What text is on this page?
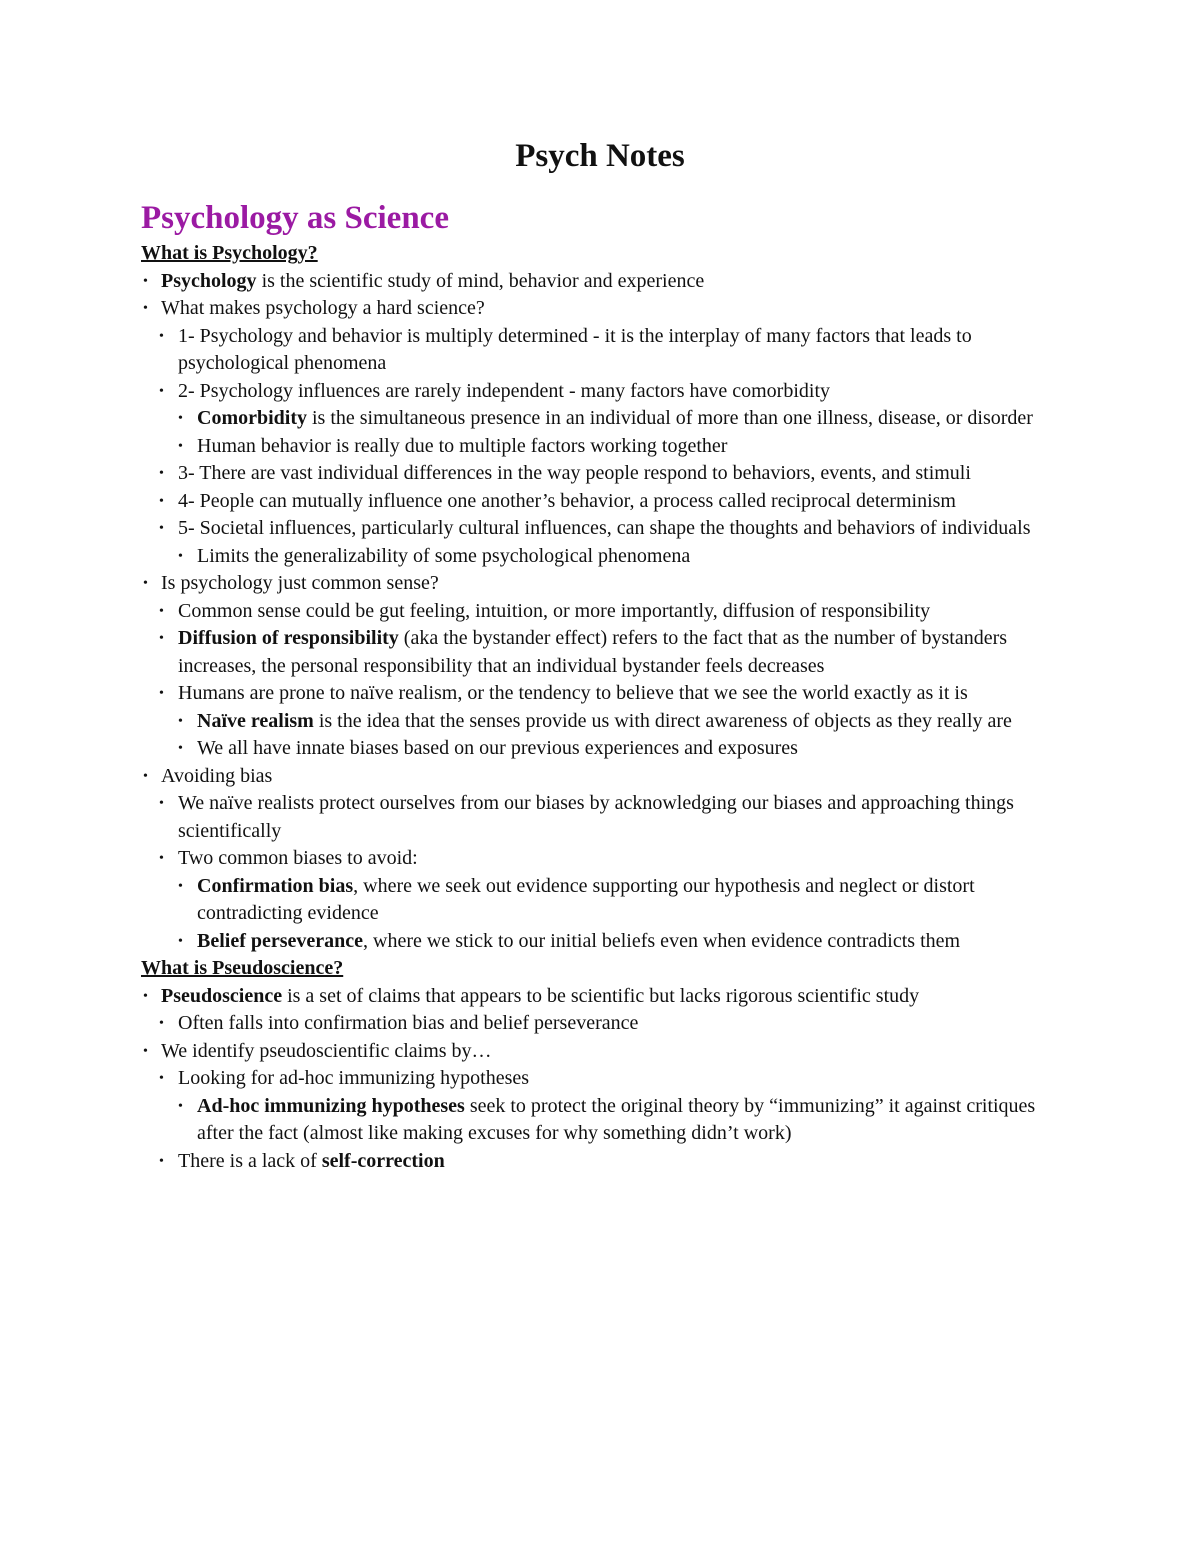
Psych Notes
Psychology as Science
What is Psychology?
• Psychology is the scientific study of mind, behavior and experience
• What makes psychology a hard science?
• 1- Psychology and behavior is multiply determined - it is the interplay of many factors that leads to psychological phenomena
• 2- Psychology influences are rarely independent - many factors have comorbidity
• Comorbidity is the simultaneous presence in an individual of more than one illness, disease, or disorder
• Human behavior is really due to multiple factors working together
• 3- There are vast individual differences in the way people respond to behaviors, events, and stimuli
• 4- People can mutually influence one another’s behavior, a process called reciprocal determinism
• 5- Societal influences, particularly cultural influences, can shape the thoughts and behaviors of individuals
• Limits the generalizability of some psychological phenomena
• Is psychology just common sense?
• Common sense could be gut feeling, intuition, or more importantly, diffusion of responsibility
• Diffusion of responsibility (aka the bystander effect) refers to the fact that as the number of bystanders increases, the personal responsibility that an individual bystander feels decreases
• Humans are prone to naïve realism, or the tendency to believe that we see the world exactly as it is
• Naïve realism is the idea that the senses provide us with direct awareness of objects as they really are
• We all have innate biases based on our previous experiences and exposures
• Avoiding bias
• We naïve realists protect ourselves from our biases by acknowledging our biases and approaching things scientifically
• Two common biases to avoid:
• Confirmation bias, where we seek out evidence supporting our hypothesis and neglect or distort contradicting evidence
• Belief perseverance, where we stick to our initial beliefs even when evidence contradicts them
What is Pseudoscience?
• Pseudoscience is a set of claims that appears to be scientific but lacks rigorous scientific study
• Often falls into confirmation bias and belief perseverance
• We identify pseudoscientific claims by…
• Looking for ad-hoc immunizing hypotheses
• Ad-hoc immunizing hypotheses seek to protect the original theory by “immunizing” it against critiques after the fact (almost like making excuses for why something didn’t work)
• There is a lack of self-correction
